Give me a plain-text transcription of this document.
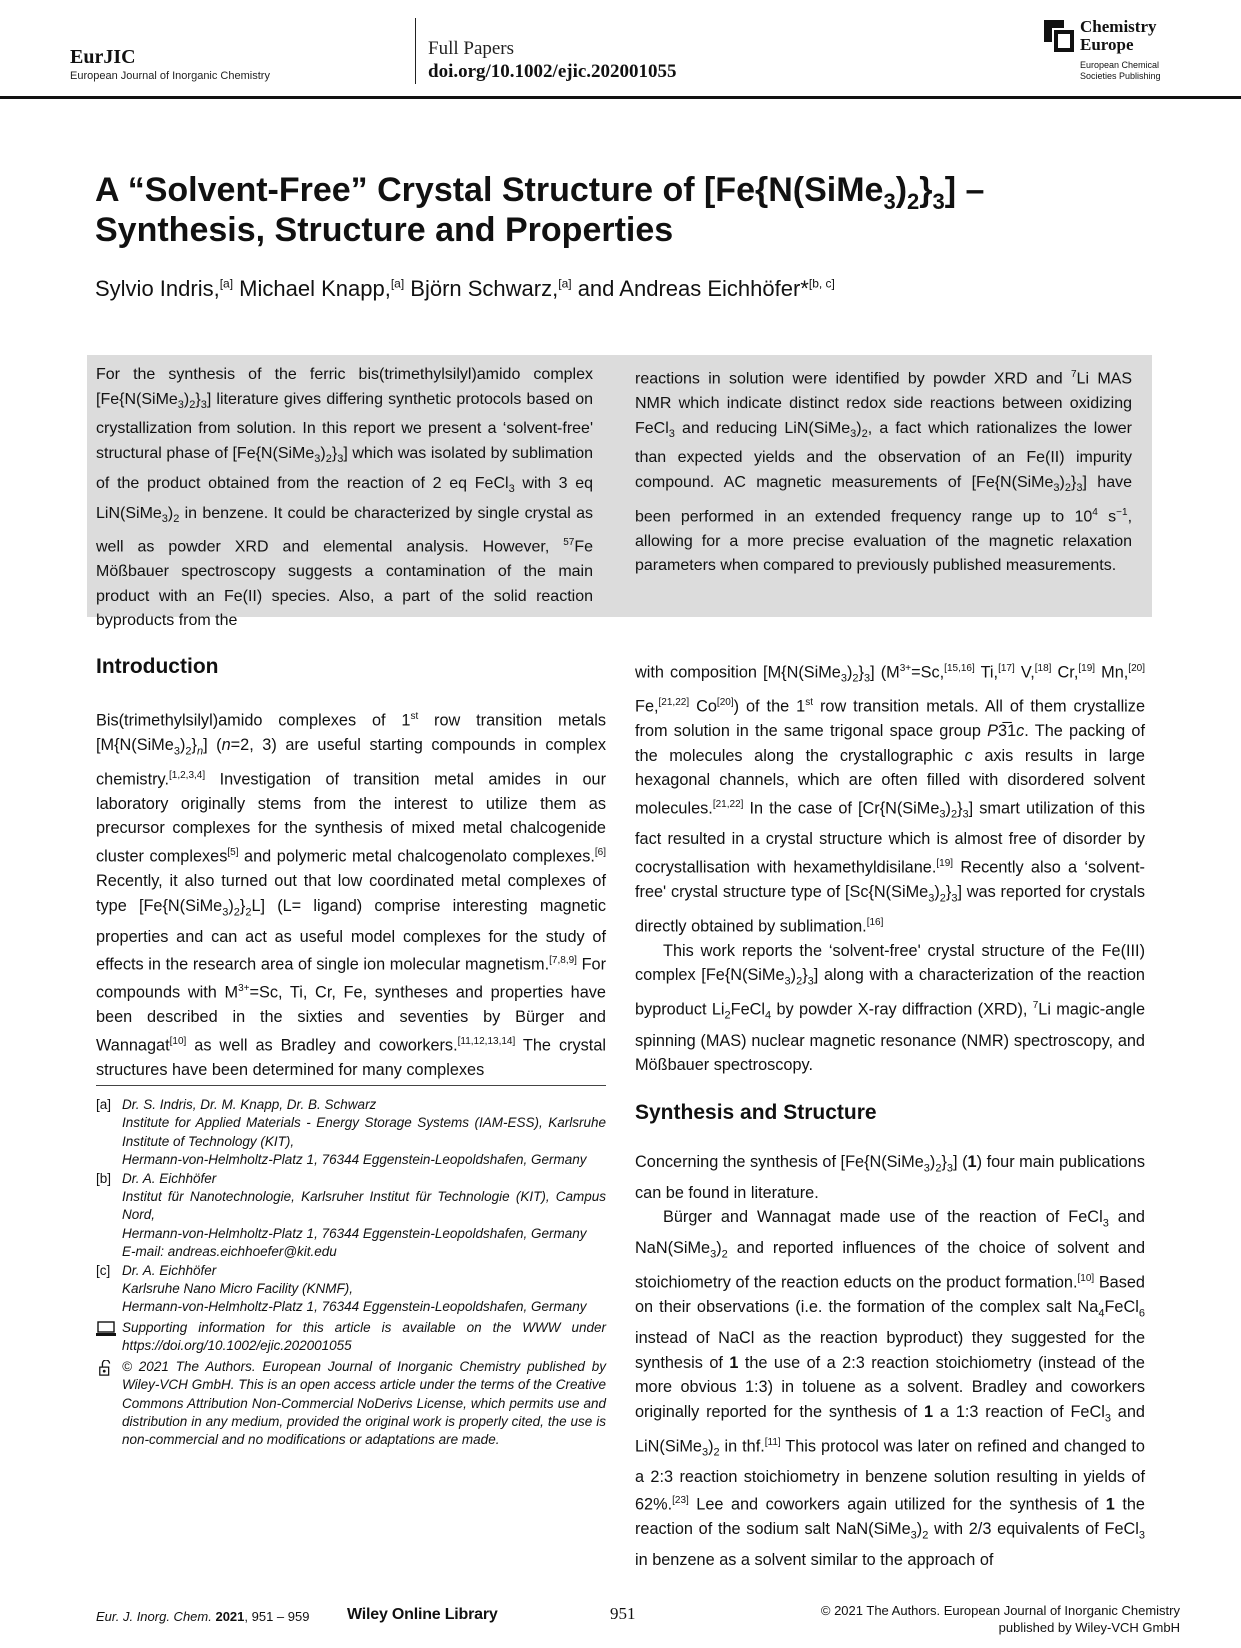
EurJIC
European Journal of Inorganic Chemistry
Full Papers
doi.org/10.1002/ejic.202001055
Chemistry
Europe
European Chemical
Societies Publishing
A “Solvent-Free” Crystal Structure of $[Fe\{N(SiMe_3)_2\}_3]$ –
Synthesis, Structure and Properties
Sylvio Indris,[a] Michael Knapp,[a] Björn Schwarz,[a] and Andreas Eichhöfer*[b, c]
For the synthesis of the ferric bis(trimethylsilyl)amido complex $[Fe\{N(SiMe_3)_2\}_3]$ literature gives differing synthetic protocols based on crystallization from solution. In this report we present a ‘solvent-free' structural phase of $[Fe\{N(SiMe_3)_2\}_3]$ which was isolated by sublimation of the product obtained from the reaction of 2 eq FeCl$_3$ with 3 eq $LiN(SiMe_3)_2$ in benzene. It could be characterized by single crystal as well as powder XRD and elemental analysis. However, $^{57}$Fe Mößbauer spectroscopy suggests a contamination of the main product with an Fe(II) species. Also, a part of the solid reaction byproducts from the
reactions in solution were identified by powder XRD and $^7$Li MAS NMR which indicate distinct redox side reactions between oxidizing FeCl$_3$ and reducing $LiN(SiMe_3)_2$, a fact which rationalizes the lower than expected yields and the observation of an Fe(II) impurity compound. AC magnetic measurements of $[Fe\{N(SiMe_3)_2\}_3]$ have been performed in an extended frequency range up to $10^4$ $s^{-1}$, allowing for a more precise evaluation of the magnetic relaxation parameters when compared to previously published measurements.
Introduction

Bis(trimethylsilyl)amido complexes of 1st row transition metals $[M\{N(SiMe_3)_2\}_n]$ (n=2, 3) are useful starting compounds in complex chemistry.[1,2,3,4] Investigation of transition metal amides in our laboratory originally stems from the interest to utilize them as precursor complexes for the synthesis of mixed metal chalcogenide cluster complexes[5] and polymeric metal chalcogenolato complexes.[6] Recently, it also turned out that low coordinated metal complexes of type $[Fe\{N(SiMe_3)_2\}_2L]$ (L= ligand) comprise interesting magnetic properties and can act as useful model complexes for the study of effects in the research area of single ion molecular magnetism.[7,8,9] For compounds with $M^{3+}=Sc$, Ti, Cr, Fe, syntheses and properties have been described in the sixties and seventies by Bürger and Wannagat[10] as well as Bradley and coworkers.[11,12,13,14] The crystal structures have been determined for many complexes

with composition $[M\{N(SiMe_3)_2\}_3]$ ($M^{3+}=Sc,[15,16]$ Ti,[17] V,[18] Cr,[19] Mn,[20] Fe,[21,22] Co[20]) of the 1st row transition metals. All of them crystallize from solution in the same trigonal space group P3̅1c. The packing of the molecules along the crystallographic c axis results in large hexagonal channels, which are often filled with disordered solvent molecules.[21,22] In the case of $[Cr\{N(SiMe_3)_2\}_3]$ smart utilization of this fact resulted in a crystal structure which is almost free of disorder by cocrystallisation with hexamethyldisilane.[19] Recently also a ‘solvent-free' crystal structure type of $[Sc\{N(SiMe_3)_2\}_3]$ was reported for crystals directly obtained by sublimation.[16]

This work reports the ‘solvent-free' crystal structure of the Fe(III) complex $[Fe\{N(SiMe_3)_2\}_3]$ along with a characterization of the reaction byproduct $Li_2FeCl_4$ by powder X-ray diffraction (XRD), $^7$Li magic-angle spinning (MAS) nuclear magnetic resonance (NMR) spectroscopy, and Mößbauer spectroscopy.

Synthesis and Structure

Concerning the synthesis of $[Fe\{N(SiMe_3)_2\}_3]$ (1) four main publications can be found in literature.

Bürger and Wannagat made use of the reaction of FeCl$_3$ and $NaN(SiMe_3)_2$ and reported influences of the choice of solvent and stoichiometry of the reaction educts on the product formation.[10] Based on their observations (i.e. the formation of the complex salt $Na_4FeCl_6$ instead of NaCl as the reaction byproduct) they suggested for the synthesis of 1 the use of a 2:3 reaction stoichiometry (instead of the more obvious 1:3) in toluene as a solvent. Bradley and coworkers originally reported for the synthesis of 1 a 1:3 reaction of FeCl$_3$ and $LiN(SiMe_3)_2$ in thf.[11] This protocol was later on refined and changed to a 2:3 reaction stoichiometry in benzene solution resulting in yields of 62%.[23] Lee and coworkers again utilized for the synthesis of 1 the reaction of the sodium salt $NaN(SiMe_3)_2$ with 2/3 equivalents of FeCl$_3$ in benzene as a solvent similar to the approach of

[a] Dr. S. Indris, Dr. M. Knapp, Dr. B. Schwarz
Institute for Applied Materials - Energy Storage Systems (IAM-ESS), Karlsruhe Institute of Technology (KIT),
Hermann-von-Helmholtz-Platz 1, 76344 Eggenstein-Leopoldshafen, Germany
[b] Dr. A. Eichhöfer
Institut für Nanotechnologie, Karlsruher Institut für Technologie (KIT), Campus Nord,
Hermann-von-Helmholtz-Platz 1, 76344 Eggenstein-Leopoldshafen, Germany
E-mail: andreas.eichhoefer@kit.edu
[c] Dr. A. Eichhöfer
Karlsruhe Nano Micro Facility (KNMF),
Hermann-von-Helmholtz-Platz 1, 76344 Eggenstein-Leopoldshafen, Germany
Supporting information for this article is available on the WWW under https://doi.org/10.1002/ejic.202001055
© 2021 The Authors. European Journal of Inorganic Chemistry published by Wiley-VCH GmbH. This is an open access article under the terms of the Creative Commons Attribution Non-Commercial NoDerivs License, which permits use and distribution in any medium, provided the original work is properly cited, the use is non-commercial and no modifications or adaptations are made.
Eur. J. Inorg. Chem. 2021, 951 – 959 Wiley Online Library	951	© 2021 The Authors. European Journal of Inorganic Chemistry
published by Wiley-VCH GmbH
